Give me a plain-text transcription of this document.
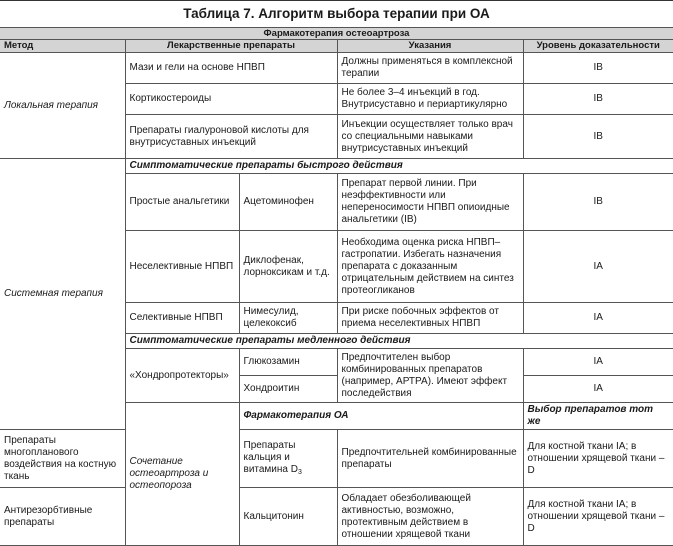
Таблица 7. Алгоритм выбора терапии при ОА
Фармакотерапия остеоартроза					
Метод	Лекарственные препараты		Указания	Уровень доказательности	
Локальная терапия	Мази и гели на основе НПВП		Должны применяться в комплексной терапии	IB	
	Кортикостероиды		Не более 3–4 инъекций в год. Внутрисуставно и периартикулярно	IB	
	Препараты гиалуроновой кислоты для внутрисуставных инъекций		Инъекции осуществляет только врач со специальными навыками внутрисуставных инъекций	IB	
Системная терапия	Симптоматические препараты быстрого действия				
	Простые анальгетики	Ацетоминофен	Препарат первой линии. При неэффективности или непереносимости НПВП опиоидные анальгетики (IB)	IB	
	Неселективные НПВП	Диклофенак, лорноксикам и т.д.	Необходима оценка риска НПВП–гастропатии. Избегать назначения препарата с доказанным отрицательным действием на синтез протеогликанов	IA	
	Селективные НПВП	Нимесулид, целекоксиб	При риске побочных эффектов от приема неселективных НПВП	IA	
	Симптоматические препараты медленного действия				
	«Хондропротекторы»	Глюкозамин	Предпочтителен выбор комбинированных препаратов (например, АРТРА). Имеют эффект последействия	IA	
		Хондроитин		IA	
	Сочетание остеоартроза и остеопороза	Фармакотерапия ОА		Выбор препаратов тот же	
Препараты многопланового воздействия на костную ткань		Препараты кальция и витамина $D_3$	Предпочтительней комбинированные препараты	Для костной ткани IA; в отношении хрящевой ткани – D	
Антирезорбтивные препараты		Кальцитонин	Обладает обезболивающей активностью, возможно, протективным действием в отношении хрящевой ткани	Для костной ткани IA; в отношении хрящевой ткани – D	
